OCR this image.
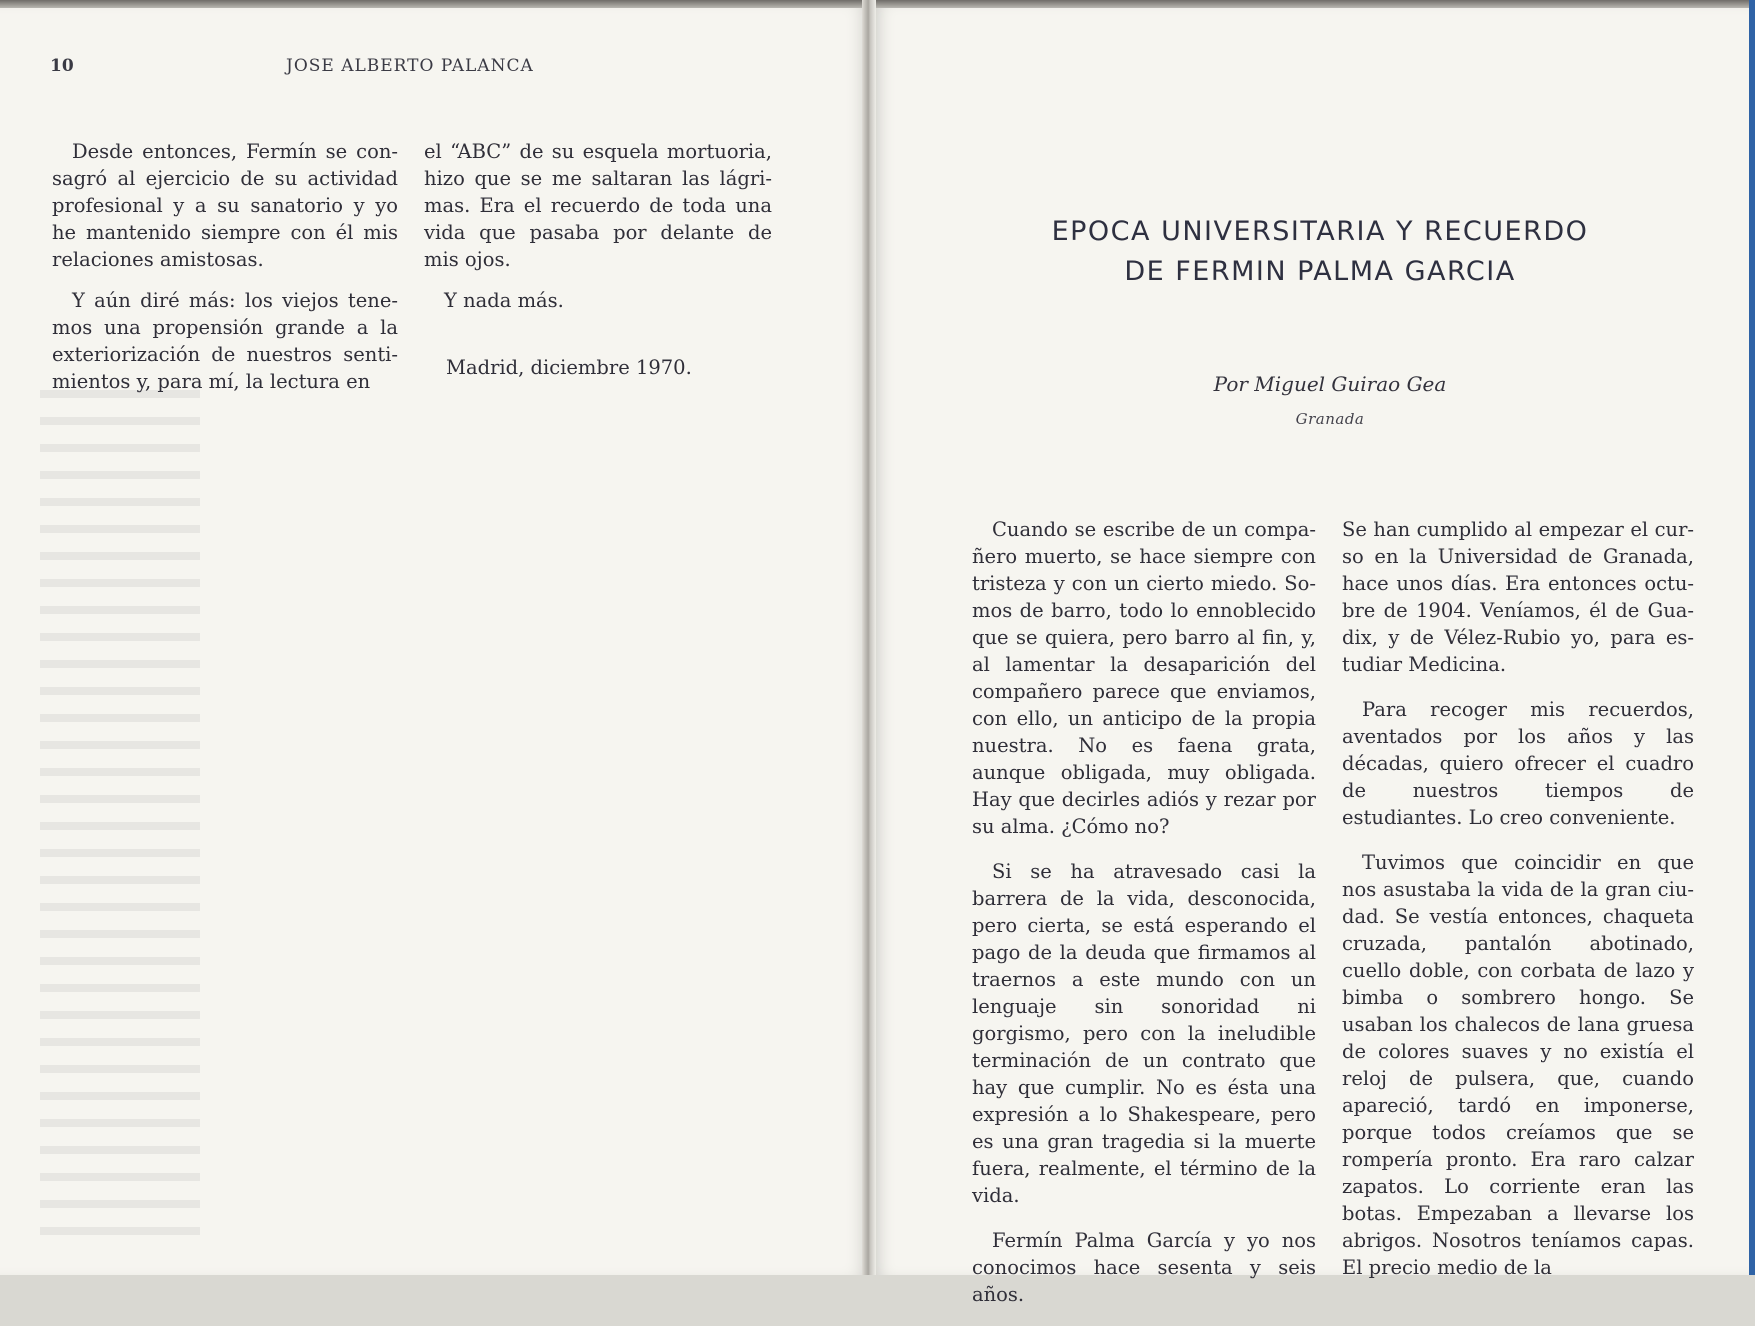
10	JOSE ALBERTO PALANCA

Desde entonces, Fermín se consagró al ejercicio de su actividad profesional y a su sanatorio y yo he mantenido siempre con él mis relaciones amistosas.

Y aún diré más: los viejos tenemos una propensión grande a la exteriorización de nuestros sentimientos y, para mí, la lectura en

el “ABC” de su esquela mortuoria, hizo que se me saltaran las lágrimas. Era el recuerdo de toda una vida que pasaba por delante de mis ojos.

Y nada más.

Madrid, diciembre 1970.

EPOCA UNIVERSITARIA Y RECUERDO
DE FERMIN PALMA GARCIA
Por Miguel Guirao Gea
Granada

Cuando se escribe de un compañero muerto, se hace siempre con tristeza y con un cierto miedo. Somos de barro, todo lo ennoblecido que se quiera, pero barro al fin, y, al lamentar la desaparición del compañero parece que enviamos, con ello, un anticipo de la propia nuestra. No es faena grata, aunque obligada, muy obligada. Hay que decirles adiós y rezar por su alma. ¿Cómo no?

Si se ha atravesado casi la barrera de la vida, desconocida, pero cierta, se está esperando el pago de la deuda que firmamos al traernos a este mundo con un lenguaje sin sonoridad ni gorgismo, pero con la ineludible terminación de un contrato que hay que cumplir. No es ésta una expresión a lo Shakespeare, pero es una gran tragedia si la muerte fuera, realmente, el término de la vida.

Fermín Palma García y yo nos conocimos hace sesenta y seis años.

Se han cumplido al empezar el curso en la Universidad de Granada, hace unos días. Era entonces octubre de 1904. Veníamos, él de Guadix, y de Vélez-Rubio yo, para estudiar Medicina.

Para recoger mis recuerdos, aventados por los años y las décadas, quiero ofrecer el cuadro de nuestros tiempos de estudiantes. Lo creo conveniente.

Tuvimos que coincidir en que nos asustaba la vida de la gran ciudad. Se vestía entonces, chaqueta cruzada, pantalón abotinado, cuello doble, con corbata de lazo y bimba o sombrero hongo. Se usaban los chalecos de lana gruesa de colores suaves y no existía el reloj de pulsera, que, cuando apareció, tardó en imponerse, porque todos creíamos que se rompería pronto. Era raro calzar zapatos. Lo corriente eran las botas. Empezaban a llevarse los abrigos. Nosotros teníamos capas. El precio medio de la
